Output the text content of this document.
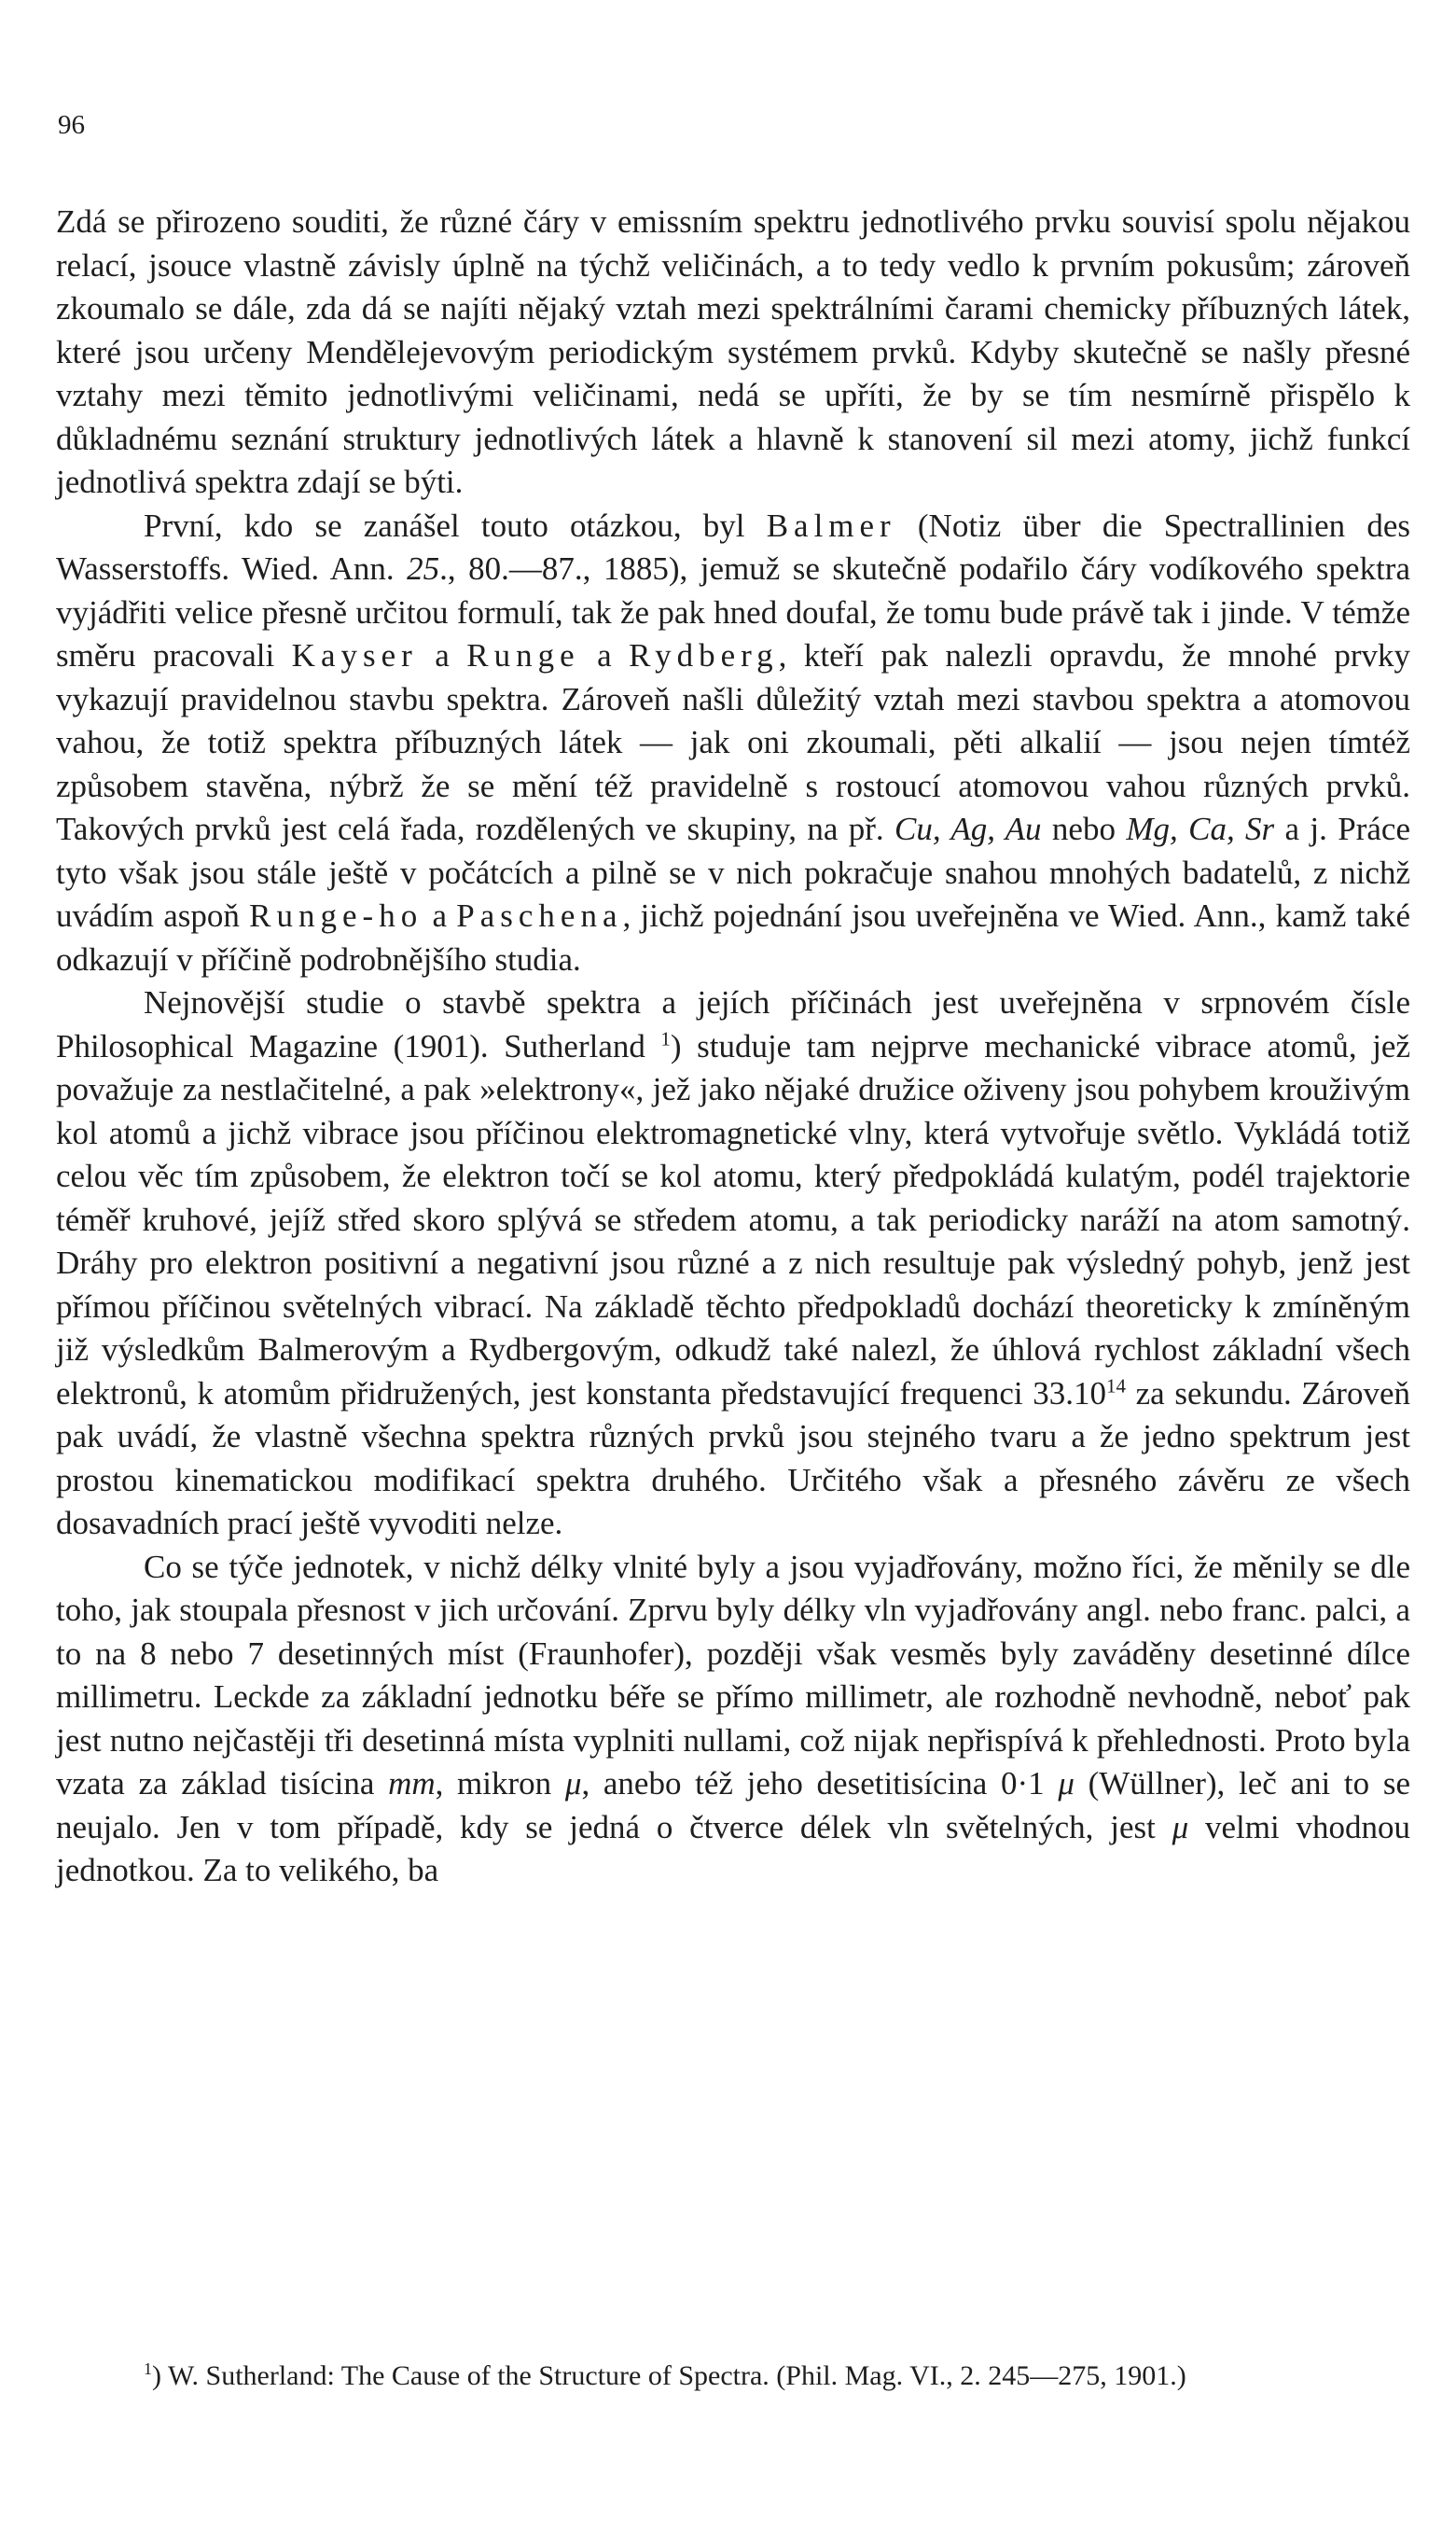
96

Zdá se přirozeno souditi, že různé čáry v emissním spektru jednotlivého prvku souvisí spolu nějakou relací, jsouce vlastně závisly úplně na týchž veličinách, a to tedy vedlo k prvním pokusům; zároveň zkoumalo se dále, zda dá se najíti nějaký vztah mezi spektrálními čarami chemicky příbuzných látek, které jsou určeny Mendělejevovým periodickým systémem prvků. Kdyby skutečně se našly přesné vztahy mezi těmito jednotlivými veličinami, nedá se upříti, že by se tím nesmírně přispělo k důkladnému seznání struktury jednotlivých látek a hlavně k stanovení sil mezi atomy, jichž funkcí jednotlivá spektra zdají se býti.

První, kdo se zanášel touto otázkou, byl Balmer (Notiz über die Spectrallinien des Wasserstoffs. Wied. Ann. 25., 80.—87., 1885), jemuž se skutečně podařilo čáry vodíkového spektra vyjádřiti velice přesně určitou formulí, tak že pak hned doufal, že tomu bude právě tak i jinde. V témže směru pracovali Kayser a Runge a Rydberg, kteří pak nalezli opravdu, že mnohé prvky vykazují pravidelnou stavbu spektra. Zároveň našli důležitý vztah mezi stavbou spektra a atomovou vahou, že totiž spektra příbuzných látek — jak oni zkoumali, pěti alkalií — jsou nejen tímtéž způsobem stavěna, nýbrž že se mění též pravidelně s rostoucí atomovou vahou různých prvků. Takových prvků jest celá řada, rozdělených ve skupiny, na př. Cu, Ag, Au nebo Mg, Ca, Sr a j. Práce tyto však jsou stále ještě v počátcích a pilně se v nich pokračuje snahou mnohých badatelů, z nichž uvádím aspoň Runge-ho a Paschena, jichž pojednání jsou uveřejněna ve Wied. Ann., kamž také odkazují v příčině podrobnějšího studia.

Nejnovější studie o stavbě spektra a jejích příčinách jest uveřejněna v srpnovém čísle Philosophical Magazine (1901). Sutherland $^1$) studuje tam nejprve mechanické vibrace atomů, jež považuje za nestlačitelné, a pak »elektrony«, jež jako nějaké družice oživeny jsou pohybem krouživým kol atomů a jichž vibrace jsou příčinou elektromagnetické vlny, která vytvořuje světlo. Vykládá totiž celou věc tím způsobem, že elektron točí se kol atomu, který předpokládá kulatým, podél trajektorie téměř kruhové, jejíž střed skoro splývá se středem atomu, a tak periodicky naráží na atom samotný. Dráhy pro elektron positivní a negativní jsou různé a z nich resultuje pak výsledný pohyb, jenž jest přímou příčinou světelných vibrací. Na základě těchto předpokladů dochází theoreticky k zmíněným již výsledkům Balmerovým a Rydbergovým, odkudž také nalezl, že úhlová rychlost základní všech elektronů, k atomům přidružených, jest konstanta představující frequenci 33.10$^{14}$ za sekundu. Zároveň pak uvádí, že vlastně všechna spektra různých prvků jsou stejného tvaru a že jedno spektrum jest prostou kinematickou modifikací spektra druhého. Určitého však a přesného závěru ze všech dosavadních prací ještě vyvoditi nelze.

Co se týče jednotek, v nichž délky vlnité byly a jsou vyjadřovány, možno říci, že měnily se dle toho, jak stoupala přesnost v jich určování. Zprvu byly délky vln vyjadřovány angl. nebo franc. palci, a to na 8 nebo 7 desetinných míst (Fraunhofer), později však vesměs byly zaváděny desetinné dílce millimetru. Leckde za základní jednotku béře se přímo millimetr, ale rozhodně nevhodně, neboť pak jest nutno nejčastěji tři desetinná místa vyplniti nullami, což nijak nepřispívá k přehlednosti. Proto byla vzata za základ tisícina mm, mikron μ, anebo též jeho desetitisícina 0·1 μ (Wüllner), leč ani to se neujalo. Jen v tom případě, kdy se jedná o čtverce délek vln světelných, jest μ velmi vhodnou jednotkou. Za to velikého, ba

$^1$) W. Sutherland: The Cause of the Structure of Spectra. (Phil. Mag. VI., 2. 245—275, 1901.)
